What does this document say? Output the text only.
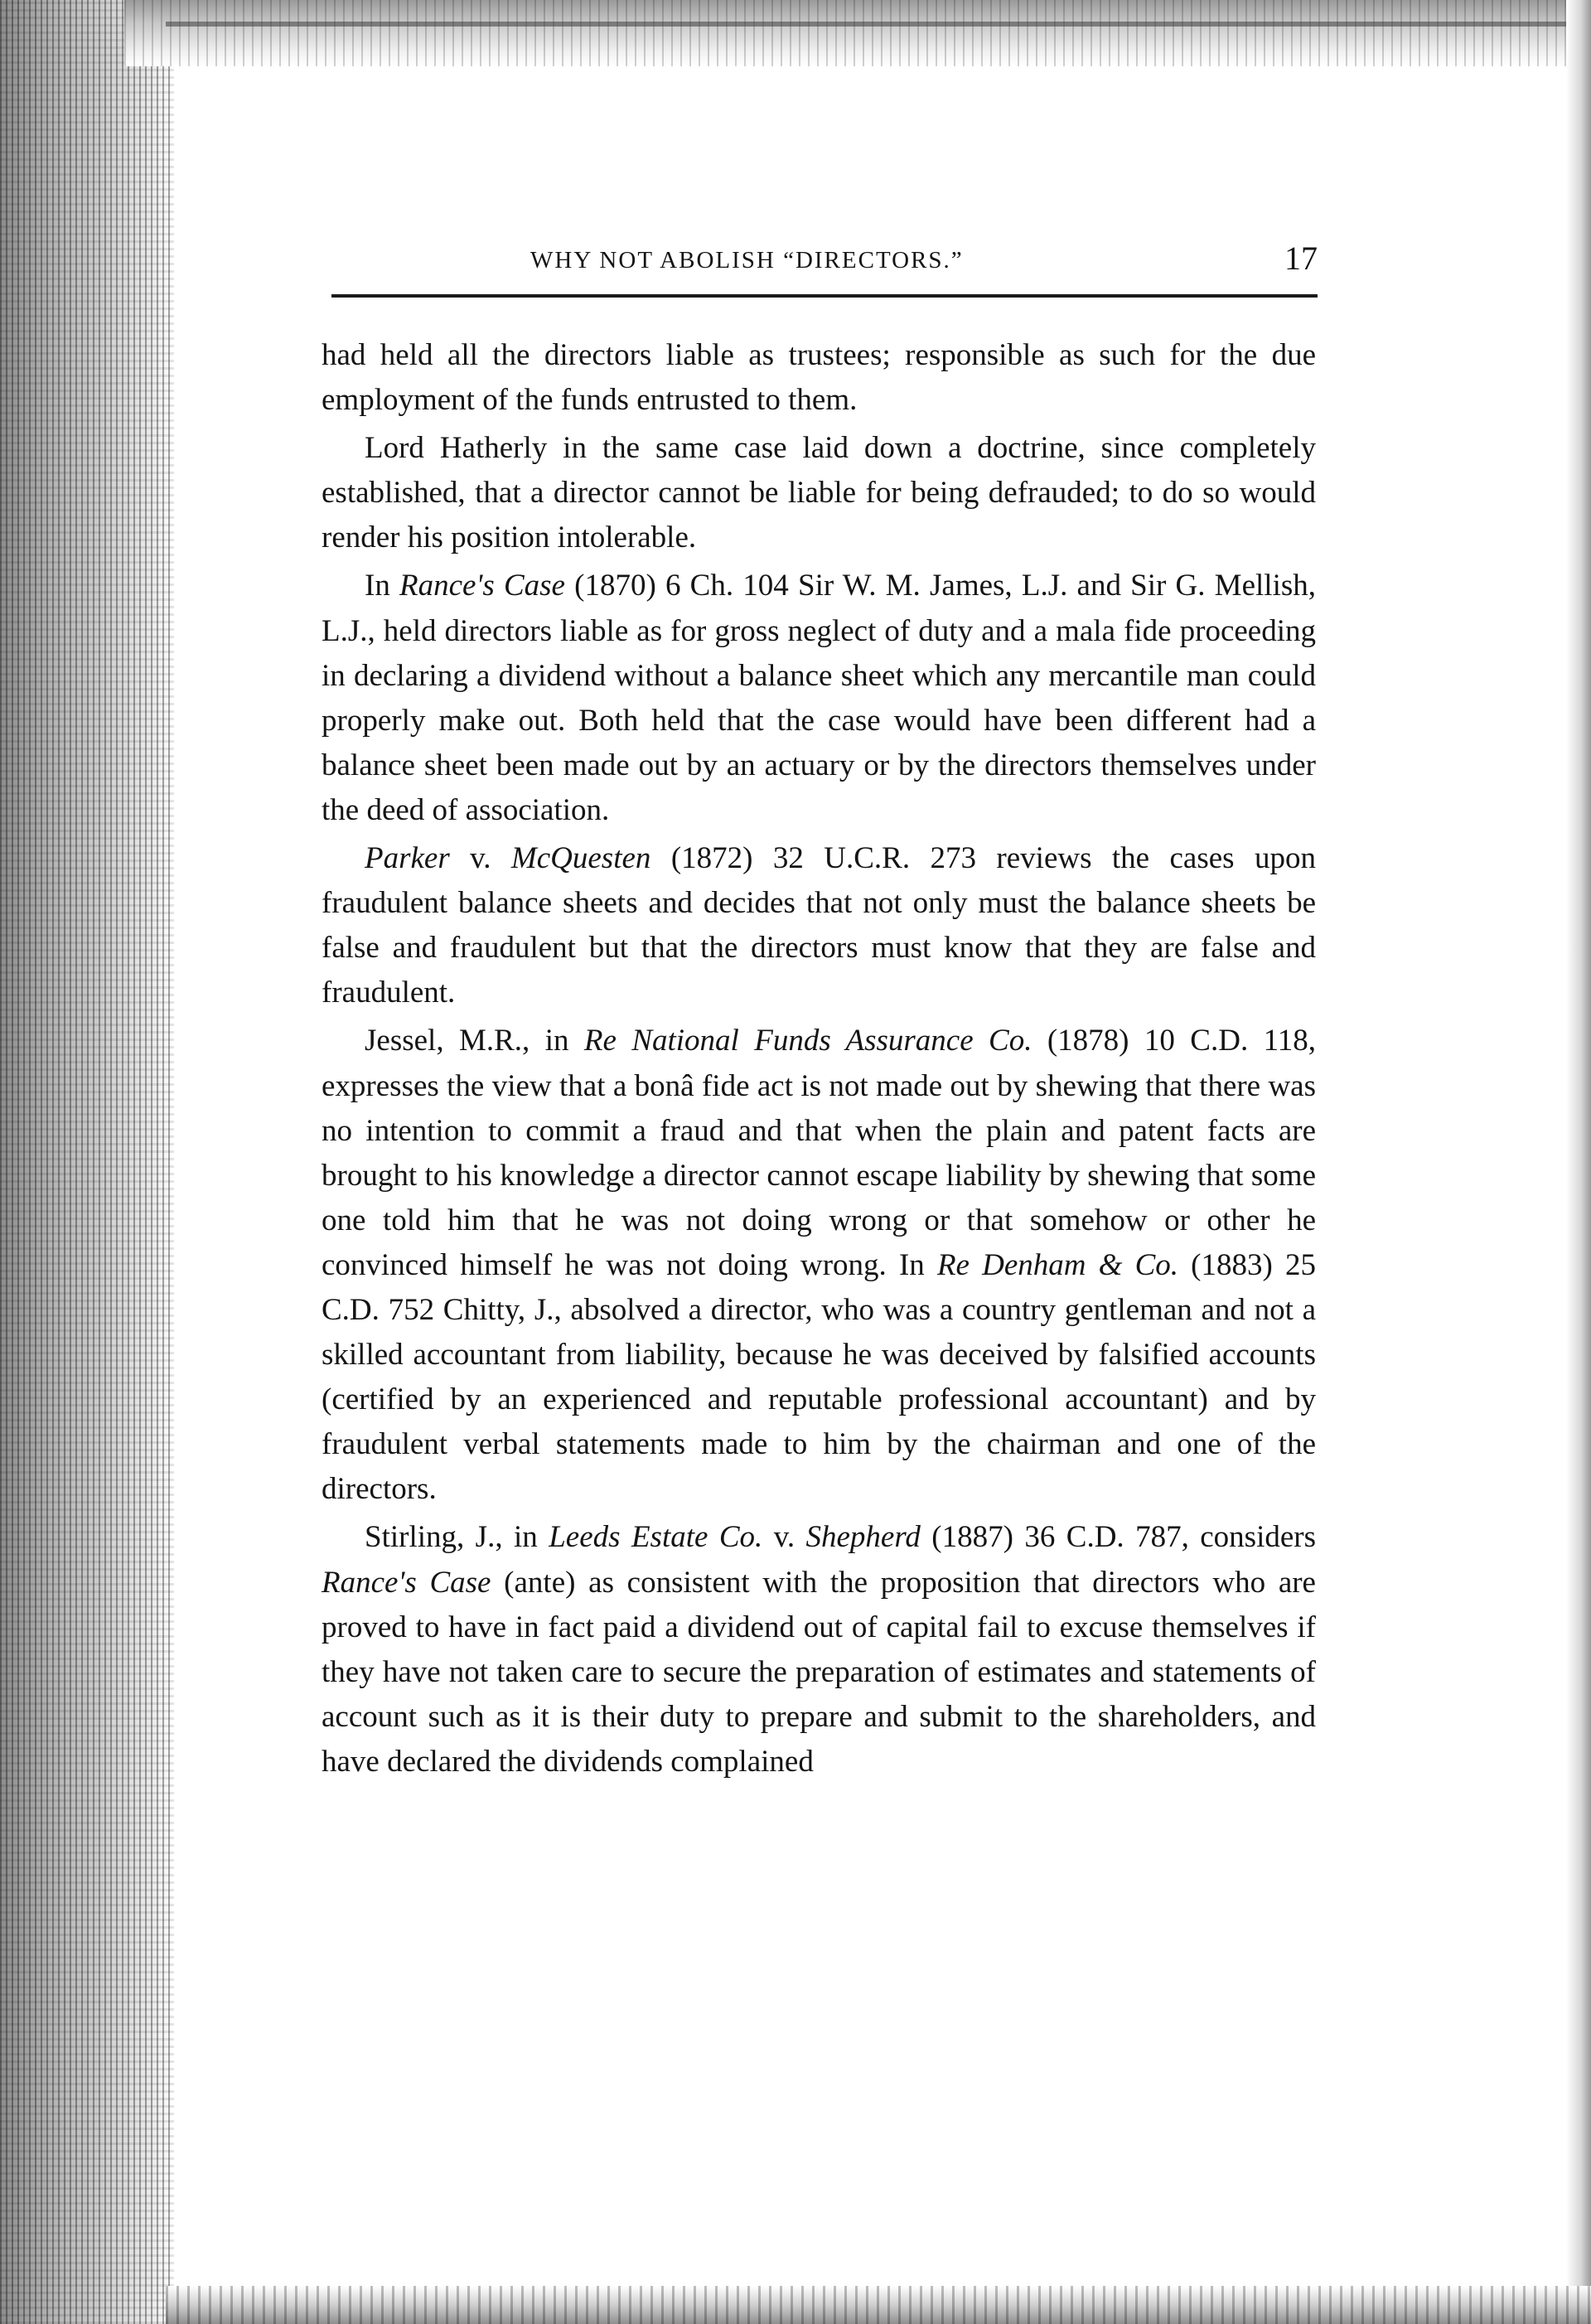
WHY NOT ABOLISH “DIRECTORS.”	17

had held all the directors liable as trustees; responsible as such for the due employment of the funds entrusted to them.

Lord Hatherly in the same case laid down a doctrine, since completely established, that a director cannot be liable for being defrauded; to do so would render his position intolerable.

In Rance's Case (1870) 6 Ch. 104 Sir W. M. James, L.J. and Sir G. Mellish, L.J., held directors liable as for gross neglect of duty and a mala fide proceeding in declaring a dividend without a balance sheet which any mercantile man could properly make out. Both held that the case would have been different had a balance sheet been made out by an actuary or by the directors themselves under the deed of association.

Parker v. McQuesten (1872) 32 U.C.R. 273 reviews the cases upon fraudulent balance sheets and decides that not only must the balance sheets be false and fraudulent but that the directors must know that they are false and fraudulent.

Jessel, M.R., in Re National Funds Assurance Co. (1878) 10 C.D. 118, expresses the view that a bonâ fide act is not made out by shewing that there was no intention to commit a fraud and that when the plain and patent facts are brought to his knowledge a director cannot escape liability by shewing that some one told him that he was not doing wrong or that somehow or other he convinced himself he was not doing wrong. In Re Denham & Co. (1883) 25 C.D. 752 Chitty, J., absolved a director, who was a country gentleman and not a skilled accountant from liability, because he was deceived by falsified accounts (certified by an experienced and reputable professional accountant) and by fraudulent verbal statements made to him by the chairman and one of the directors.

Stirling, J., in Leeds Estate Co. v. Shepherd (1887) 36 C.D. 787, considers Rance's Case (ante) as consistent with the proposition that directors who are proved to have in fact paid a dividend out of capital fail to excuse themselves if they have not taken care to secure the preparation of estimates and statements of account such as it is their duty to prepare and submit to the shareholders, and have declared the dividends complained
